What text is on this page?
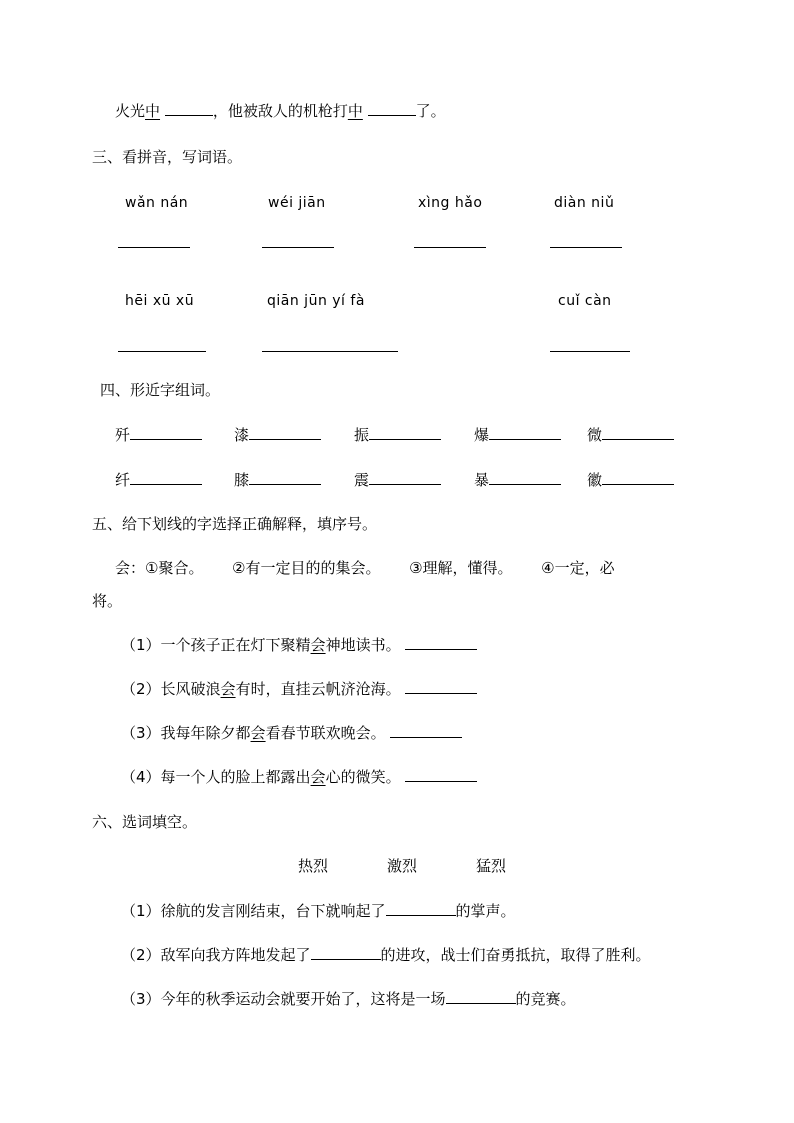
火光中	，他被敌人的机枪打中	了。
三、看拼音，写词语。
wǎn nán	wéi jiān	xìng hǎo	diàn niǔ
hēi xū xū	qiān jūn yí fà	cuǐ càn
四、形近字组词。
歼	漆	振	爆	微
纤	膝	震	暴	徽
五、给下划线的字选择正确解释，填序号。
会：①聚合。      ②有一定目的的集会。      ③理解，懂得。      ④一定，必
将。
（1）一个孩子正在灯下聚精会神地读书。
（2）长风破浪会有时，直挂云帆济沧海。
（3）我每年除夕都会看春节联欢晚会。
（4）每一个人的脸上都露出会心的微笑。
六、选词填空。
热烈	激烈	猛烈
（1）徐航的发言刚结束，台下就响起了	的掌声。
（2）敌军向我方阵地发起了	的进攻，战士们奋勇抵抗，取得了胜利。
（3）今年的秋季运动会就要开始了，这将是一场	的竞赛。
